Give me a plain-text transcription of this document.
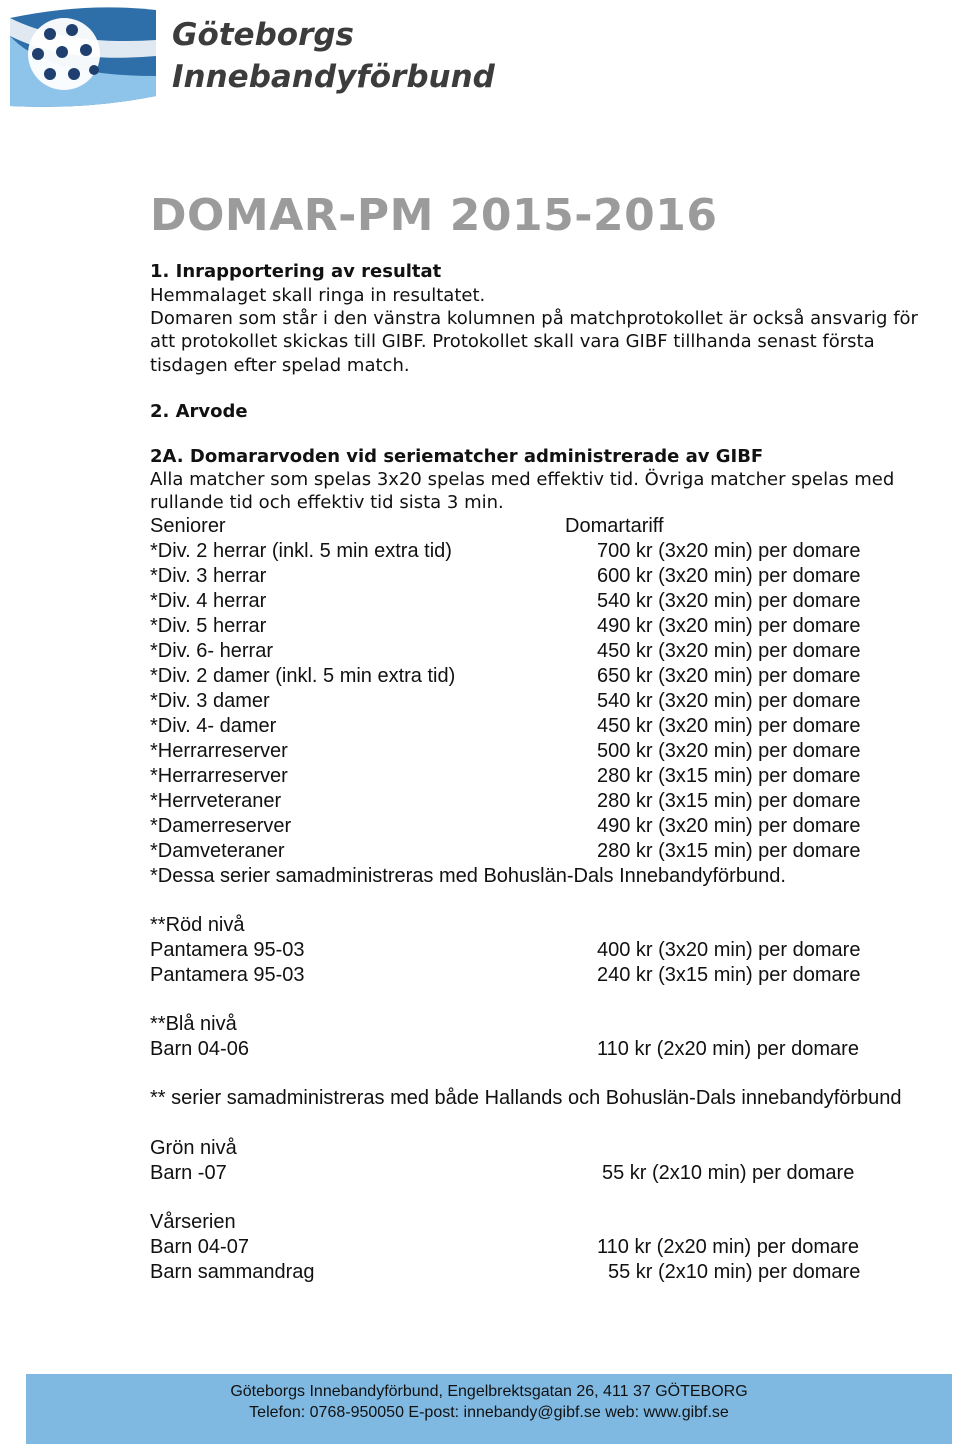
Göteborgs
Innebandyförbund
DOMAR-PM 2015-2016
1. Inrapportering av resultat
Hemmalaget skall ringa in resultatet.
Domaren som står i den vänstra kolumnen på matchprotokollet är också ansvarig för
att protokollet skickas till GIBF. Protokollet skall vara GIBF tillhanda senast första
tisdagen efter spelad match.
2. Arvode
2A. Domararvoden vid seriematcher administrerade av GIBF
Alla matcher som spelas 3x20 spelas med effektiv tid. Övriga matcher spelas med
rullande tid och effektiv tid sista 3 min.
Seniorer	Domartariff
*Div. 2 herrar (inkl. 5 min extra tid)	700 kr (3x20 min) per domare
*Div. 3 herrar	600 kr (3x20 min) per domare
*Div. 4 herrar	540 kr (3x20 min) per domare
*Div. 5 herrar	490 kr (3x20 min) per domare
*Div. 6- herrar	450 kr (3x20 min) per domare
*Div. 2 damer (inkl. 5 min extra tid)	650 kr (3x20 min) per domare
*Div. 3 damer	540 kr (3x20 min) per domare
*Div. 4- damer	450 kr (3x20 min) per domare
*Herrarreserver	500 kr (3x20 min) per domare
*Herrarreserver	280 kr (3x15 min) per domare
*Herrveteraner	280 kr (3x15 min) per domare
*Damerreserver	490 kr (3x20 min) per domare
*Damveteraner	280 kr (3x15 min) per domare
*Dessa serier samadministreras med Bohuslän-Dals Innebandyförbund.
**Röd nivå
Pantamera 95-03	400 kr (3x20 min) per domare
Pantamera 95-03	240 kr (3x15 min) per domare
**Blå nivå
Barn 04-06	110 kr (2x20 min) per domare
** serier samadministreras med både Hallands och Bohuslän-Dals innebandyförbund
Grön nivå
Barn -07	55 kr (2x10 min) per domare
Vårserien
Barn 04-07	110 kr (2x20 min) per domare
Barn sammandrag	55 kr (2x10 min) per domare
Göteborgs Innebandyförbund, Engelbrektsgatan 26, 411 37 GÖTEBORG
Telefon: 0768-950050 E-post: innebandy@gibf.se web: www.gibf.se
